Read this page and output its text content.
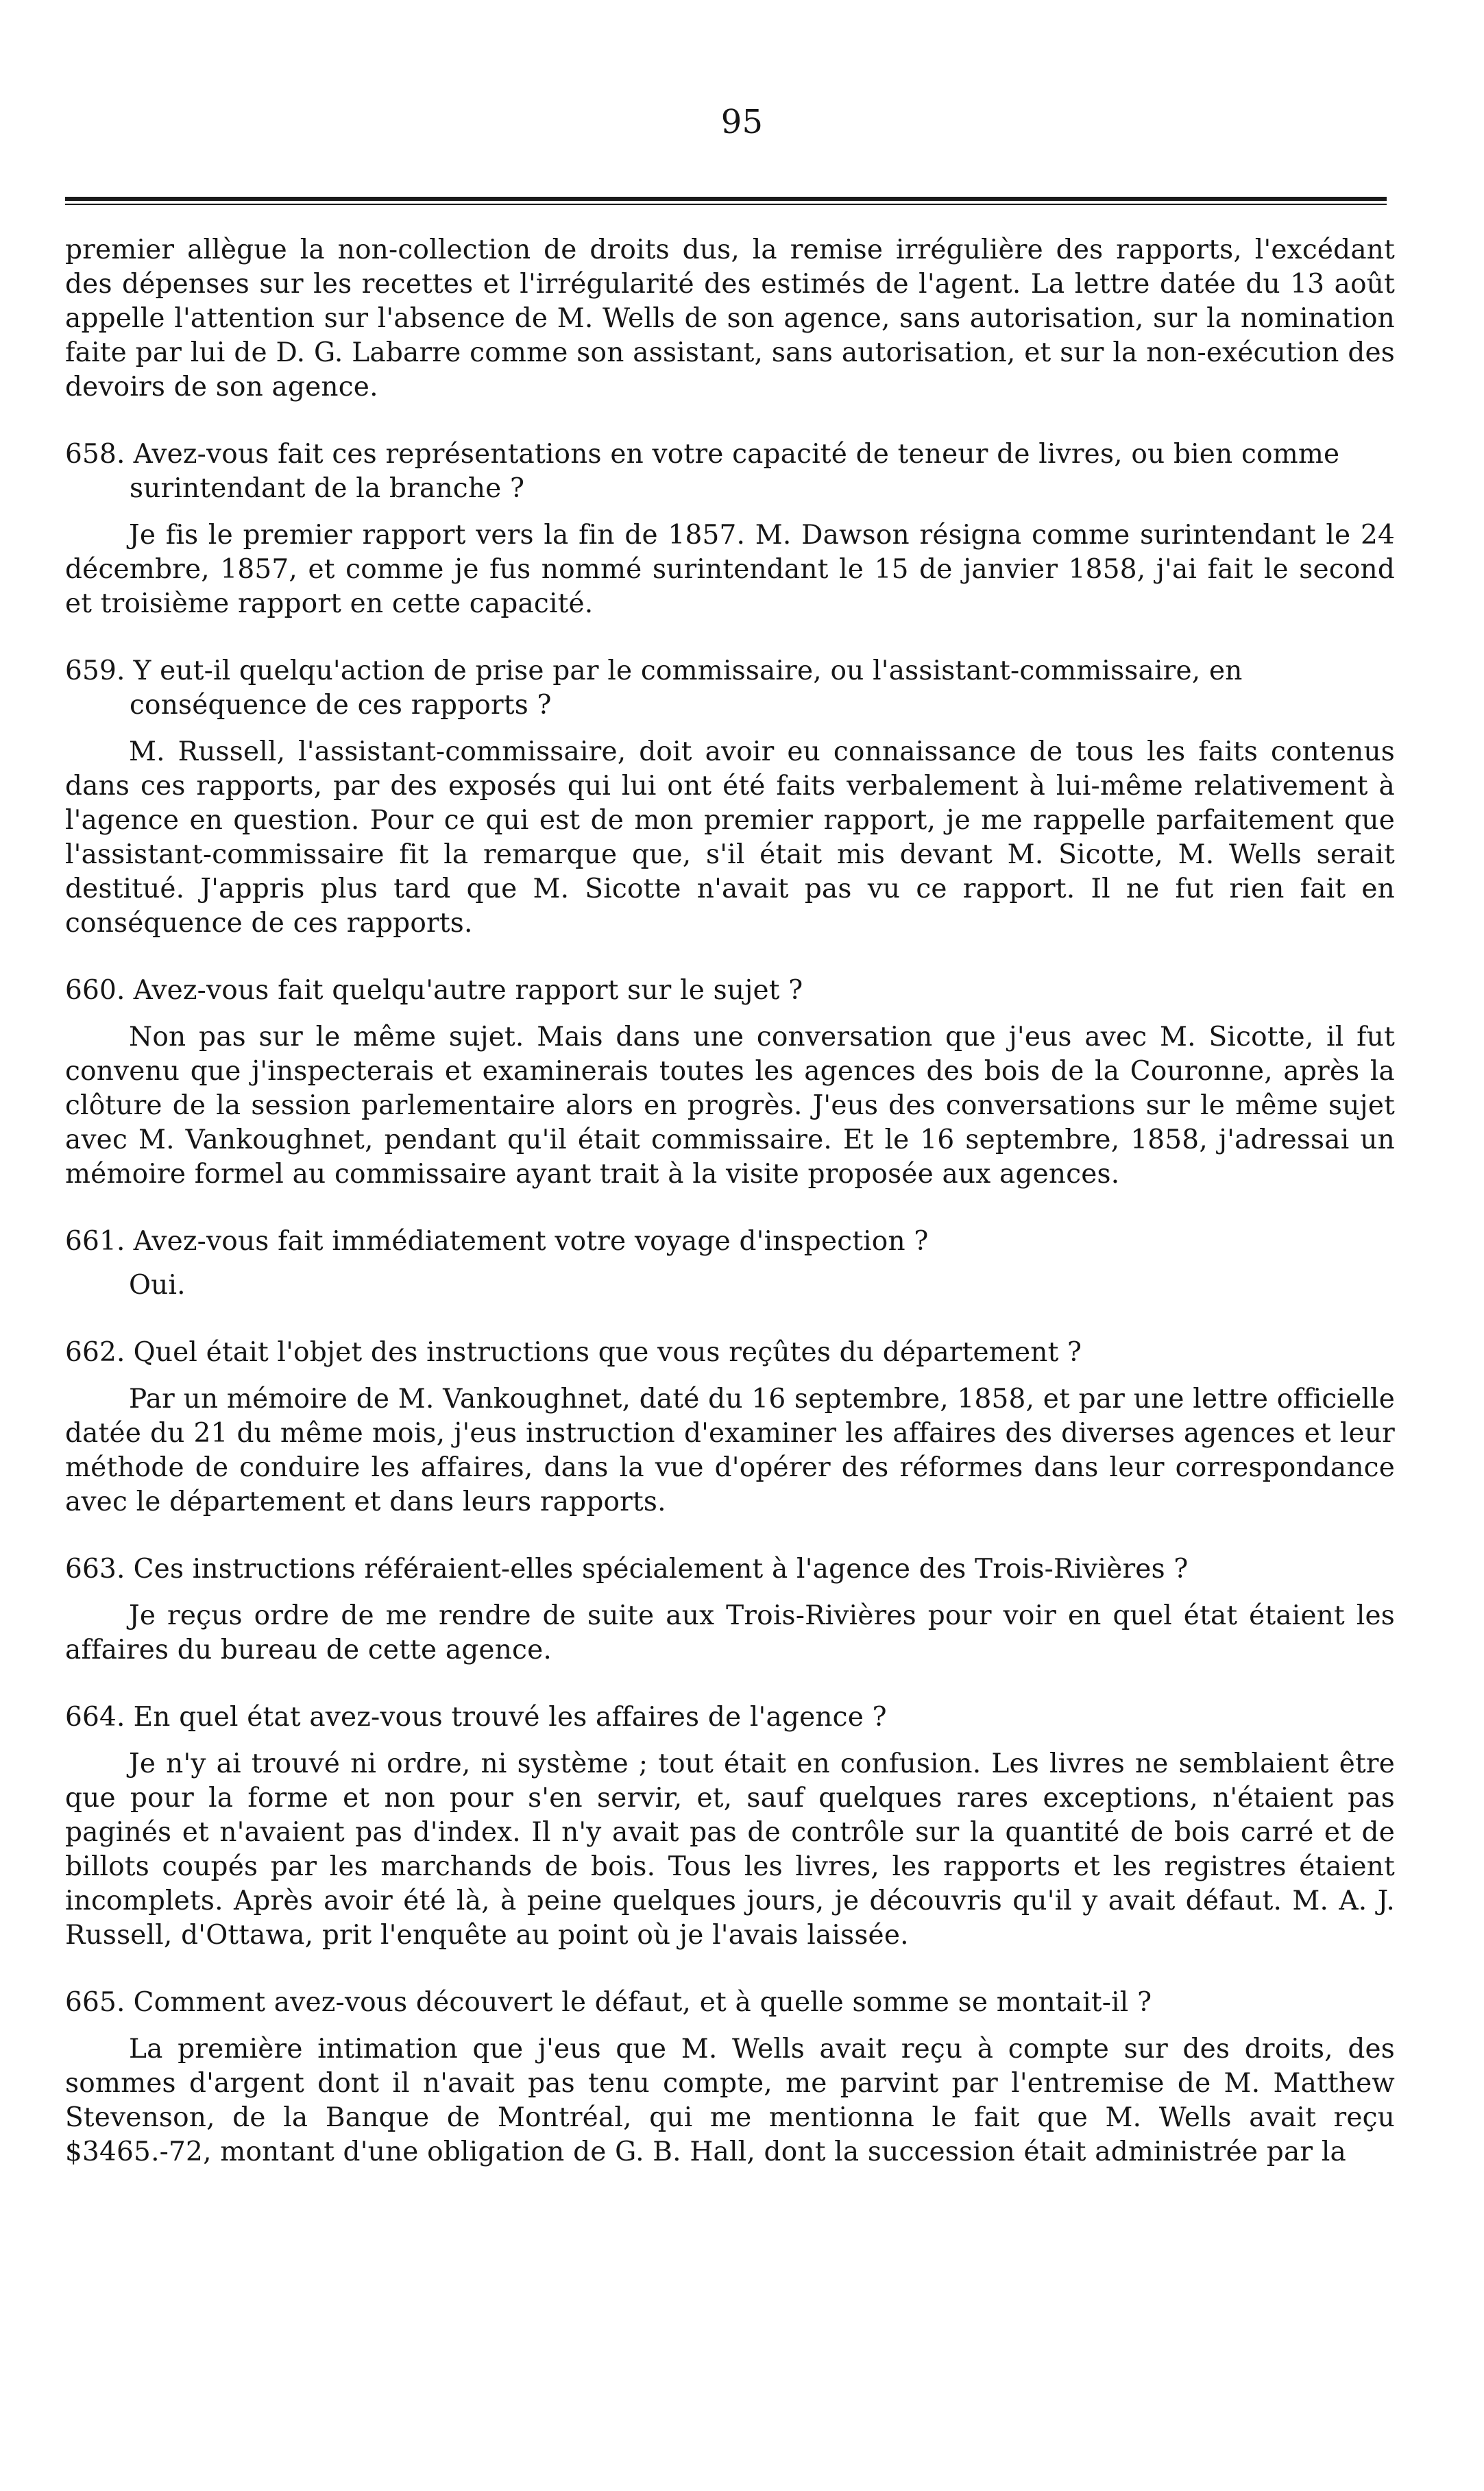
95

premier allègue la non-collection de droits dus, la remise irrégulière des rapports, l'excédant des dépenses sur les recettes et l'irrégularité des estimés de l'agent. La lettre datée du 13 août appelle l'attention sur l'absence de M. Wells de son agence, sans autorisation, sur la nomination faite par lui de D. G. Labarre comme son assistant, sans autorisation, et sur la non-exécution des devoirs de son agence.

658. Avez-vous fait ces représentations en votre capacité de teneur de livres, ou bien comme surintendant de la branche ?

Je fis le premier rapport vers la fin de 1857. M. Dawson résigna comme surintendant le 24 décembre, 1857, et comme je fus nommé surintendant le 15 de janvier 1858, j'ai fait le second et troisième rapport en cette capacité.

659. Y eut-il quelqu'action de prise par le commissaire, ou l'assistant-commissaire, en conséquence de ces rapports ?

M. Russell, l'assistant-commissaire, doit avoir eu connaissance de tous les faits contenus dans ces rapports, par des exposés qui lui ont été faits verbalement à lui-même relativement à l'agence en question. Pour ce qui est de mon premier rapport, je me rappelle parfaitement que l'assistant-commissaire fit la remarque que, s'il était mis devant M. Sicotte, M. Wells serait destitué. J'appris plus tard que M. Sicotte n'avait pas vu ce rapport. Il ne fut rien fait en conséquence de ces rapports.

660. Avez-vous fait quelqu'autre rapport sur le sujet ?

Non pas sur le même sujet. Mais dans une conversation que j'eus avec M. Sicotte, il fut convenu que j'inspecterais et examinerais toutes les agences des bois de la Couronne, après la clôture de la session parlementaire alors en progrès. J'eus des conversations sur le même sujet avec M. Vankoughnet, pendant qu'il était commissaire. Et le 16 septembre, 1858, j'adressai un mémoire formel au commissaire ayant trait à la visite proposée aux agences.

661. Avez-vous fait immédiatement votre voyage d'inspection ?

Oui.

662. Quel était l'objet des instructions que vous reçûtes du département ?

Par un mémoire de M. Vankoughnet, daté du 16 septembre, 1858, et par une lettre officielle datée du 21 du même mois, j'eus instruction d'examiner les affaires des diverses agences et leur méthode de conduire les affaires, dans la vue d'opérer des réformes dans leur correspondance avec le département et dans leurs rapports.

663. Ces instructions référaient-elles spécialement à l'agence des Trois-Rivières ?

Je reçus ordre de me rendre de suite aux Trois-Rivières pour voir en quel état étaient les affaires du bureau de cette agence.

664. En quel état avez-vous trouvé les affaires de l'agence ?

Je n'y ai trouvé ni ordre, ni système ; tout était en confusion. Les livres ne semblaient être que pour la forme et non pour s'en servir, et, sauf quelques rares exceptions, n'étaient pas paginés et n'avaient pas d'index. Il n'y avait pas de contrôle sur la quantité de bois carré et de billots coupés par les marchands de bois. Tous les livres, les rapports et les registres étaient incomplets. Après avoir été là, à peine quelques jours, je découvris qu'il y avait défaut. M. A. J. Russell, d'Ottawa, prit l'enquête au point où je l'avais laissée.

665. Comment avez-vous découvert le défaut, et à quelle somme se montait-il ?

La première intimation que j'eus que M. Wells avait reçu à compte sur des droits, des sommes d'argent dont il n'avait pas tenu compte, me parvint par l'entremise de M. Matthew Stevenson, de la Banque de Montréal, qui me mentionna le fait que M. Wells avait reçu $3465.-72, montant d'une obligation de G. B. Hall, dont la succession était administrée par la
